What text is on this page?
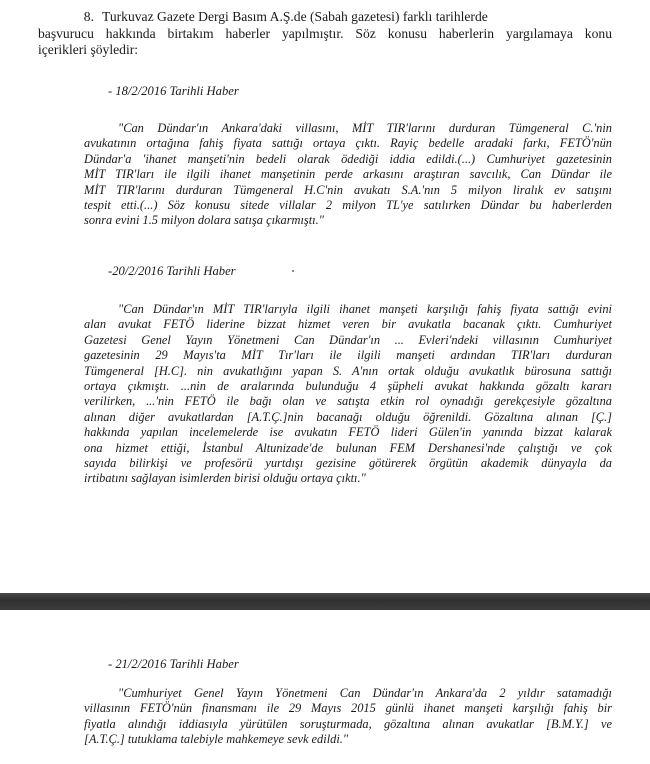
8. Turkuvaz Gazete Dergi Basım A.Ş.de (Sabah gazetesi) farklı tarihlerde
başvurucu hakkında birtakım haberler yapılmıştır. Söz konusu haberlerin yargılamaya konu
içerikleri şöyledir:
- 18/2/2016 Tarihli Haber
"Can Dündar'ın Ankara'daki villasını, MİT TIR'larını durduran Tümgeneral C.'nin
avukatının ortağına fahiş fiyata sattığı ortaya çıktı. Rayiç bedelle aradaki farkı, FETÖ'nün
Dündar'a 'ihanet manşeti'nin bedeli olarak ödediği iddia edildi.(...) Cumhuriyet gazetesinin
MİT TIR'ları ile ilgili ihanet manşetinin perde arkasını araştıran savcılık, Can Dündar ile
MİT TIR'larını durduran Tümgeneral H.C'nin avukatı S.A.'nın 5 milyon liralık ev satışını
tespit etti.(...) Söz konusu sitede villalar 2 milyon TL'ye satılırken Dündar bu haberlerden
sonra evini 1.5 milyon dolara satışa çıkarmıştı."
-20/2/2016 Tarihli Haber
"Can Dündar'ın MİT TIR'larıyla ilgili ihanet manşeti karşılığı fahiş fiyata sattığı evini
alan avukat FETÖ liderine bizzat hizmet veren bir avukatla bacanak çıktı. Cumhuriyet
Gazetesi Genel Yayın Yönetmeni Can Dündar'ın ... Evleri'ndeki villasının Cumhuriyet
gazetesinin 29 Mayıs'ta MİT Tır'ları ile ilgili manşeti ardından TIR'ları durduran
Tümgeneral [H.C]. nin avukatlığını yapan S. A'nın ortak olduğu avukatlık bürosuna sattığı
ortaya çıkmıştı. ...nin de aralarında bulunduğu 4 şüpheli avukat hakkında gözaltı kararı
verilirken, ...'nin FETÖ ile bağı olan ve satışta etkin rol oynadığı gerekçesiyle gözaltına
alınan diğer avukatlardan [A.T.Ç.]nin bacanağı olduğu öğrenildi. Gözaltına alınan [Ç.]
hakkında yapılan incelemelerde ise avukatın FETÖ lideri Gülen'in yanında bizzat kalarak
ona hizmet ettiği, İstanbul Altunizade'de bulunan FEM Dershanesi'nde çalıştığı ve çok
sayıda bilirkişi ve profesörü yurtdışı gezisine götürerek örgütün akademik dünyayla da
irtibatını sağlayan isimlerden birisi olduğu ortaya çıktı."
- 21/2/2016 Tarihli Haber
"Cumhuriyet Genel Yayın Yönetmeni Can Dündar'ın Ankara'da 2 yıldır satamadığı
villasının FETÖ'nün finansmanı ile 29 Mayıs 2015 günlü ihanet manşeti karşılığı fahiş bir
fiyatla alındığı iddiasıyla yürütülen soruşturmada, gözaltına alınan avukatlar [B.M.Y.] ve
[A.T.Ç.] tutuklama talebiyle mahkemeye sevk edildi."
